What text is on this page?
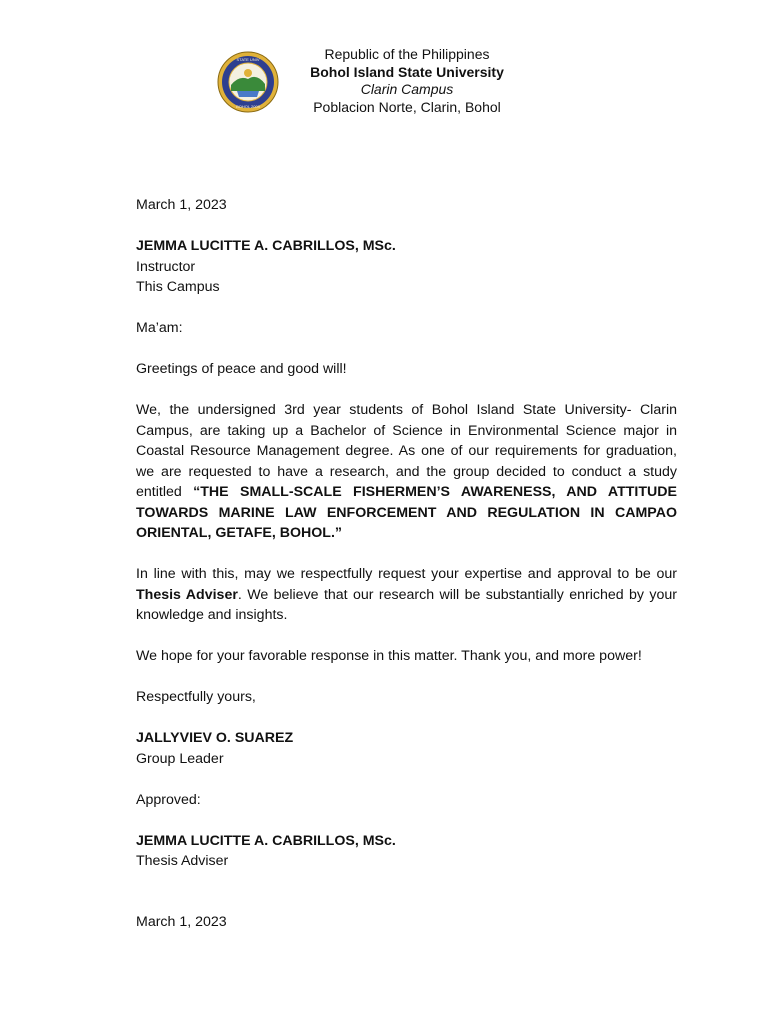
STATE UNIV
BOHOL 2009
Republic of the Philippines
Bohol Island State University
Clarin Campus
Poblacion Norte, Clarin, Bohol

March 1, 2023

JEMMA LUCITTE A. CABRILLOS, MSc.
Instructor
This Campus

Ma’am:

Greetings of peace and good will!

We, the undersigned 3rd year students of Bohol Island State University- Clarin Campus, are taking up a Bachelor of Science in Environmental Science major in Coastal Resource Management degree. As one of our requirements for graduation, we are requested to have a research, and the group decided to conduct a study entitled “THE SMALL-SCALE FISHERMEN’S AWARENESS, AND ATTITUDE TOWARDS MARINE LAW ENFORCEMENT AND REGULATION IN CAMPAO ORIENTAL, GETAFE, BOHOL.”

In line with this, may we respectfully request your expertise and approval to be our Thesis Adviser. We believe that our research will be substantially enriched by your knowledge and insights.

We hope for your favorable response in this matter. Thank you, and more power!

Respectfully yours,

JALLYVIEV O. SUAREZ
Group Leader

Approved:

JEMMA LUCITTE A. CABRILLOS, MSc.
Thesis Adviser

March 1, 2023
